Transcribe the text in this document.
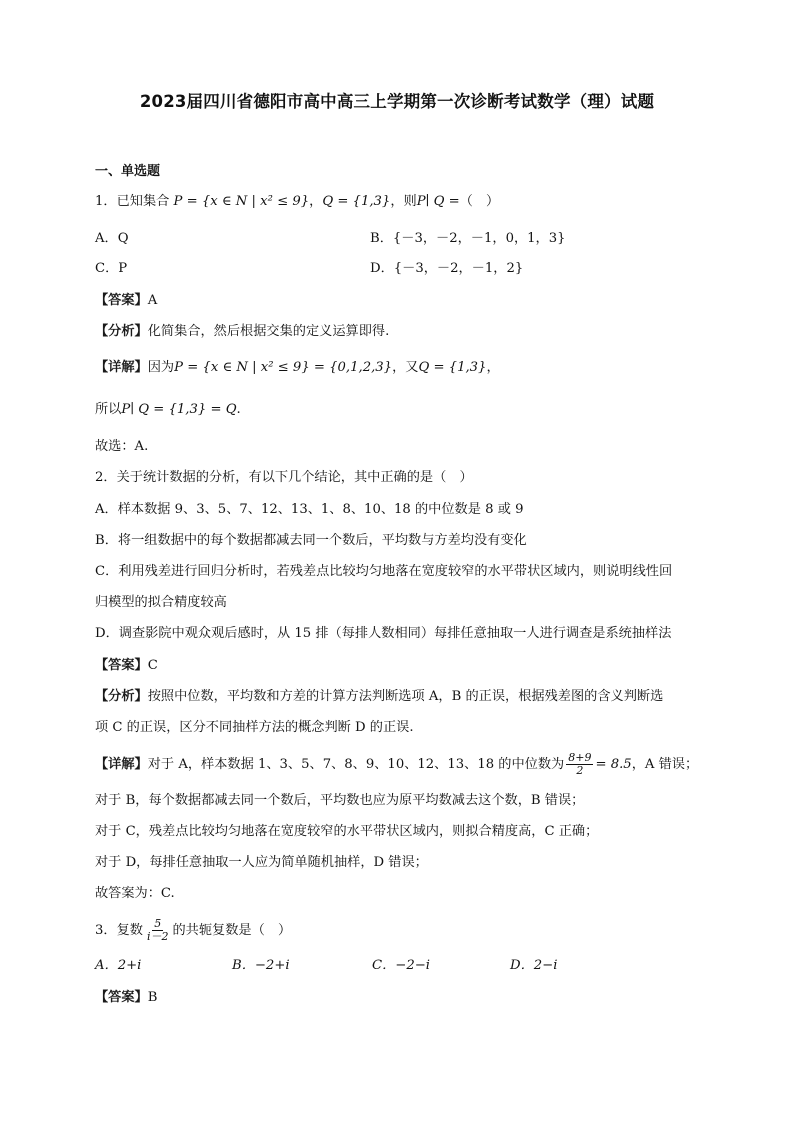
2023届四川省德阳市高中高三上学期第一次诊断考试数学（理）试题
一、单选题
1．已知集合 P = {x ∈ N | x² ≤ 9}，Q = {1,3}，则P∣ Q =（　）
A．Q	B．{－3，－2，－1，0，1，3}
C．P	D．{－3，－2，－1，2}
【答案】A
【分析】化简集合，然后根据交集的定义运算即得.
【详解】因为P = {x ∈ N | x² ≤ 9} = {0,1,2,3}，又Q = {1,3}，
所以P∣ Q = {1,3} = Q.
故选：A.
2．关于统计数据的分析，有以下几个结论，其中正确的是（　）
A．样本数据 9、3、5、7、12、13、1、8、10、18 的中位数是 8 或 9
B．将一组数据中的每个数据都减去同一个数后，平均数与方差均没有变化
C．利用残差进行回归分析时，若残差点比较均匀地落在宽度较窄的水平带状区域内，则说明线性回
归模型的拟合精度较高
D．调查影院中观众观后感时，从 15 排（每排人数相同）每排任意抽取一人进行调查是系统抽样法
【答案】C
【分析】按照中位数，平均数和方差的计算方法判断选项 A，B 的正误，根据残差图的含义判断选
项 C 的正误，区分不同抽样方法的概念判断 D 的正误.
【详解】对于 A，样本数据 1、3、5、7、8、9、10、12、13、18 的中位数为 $\frac{8+9}{2} = 8.5$，A 错误；
对于 B，每个数据都减去同一个数后，平均数也应为原平均数减去这个数，B 错误；
对于 C，残差点比较均匀地落在宽度较窄的水平带状区域内，则拟合精度高，C 正确；
对于 D，每排任意抽取一人应为简单随机抽样，D 错误；
故答案为：C.
3．复数 $\frac{5}{i-2}$ 的共轭复数是（　）
A．2+i	B．−2+i	C．−2−i	D．2−i
【答案】B
